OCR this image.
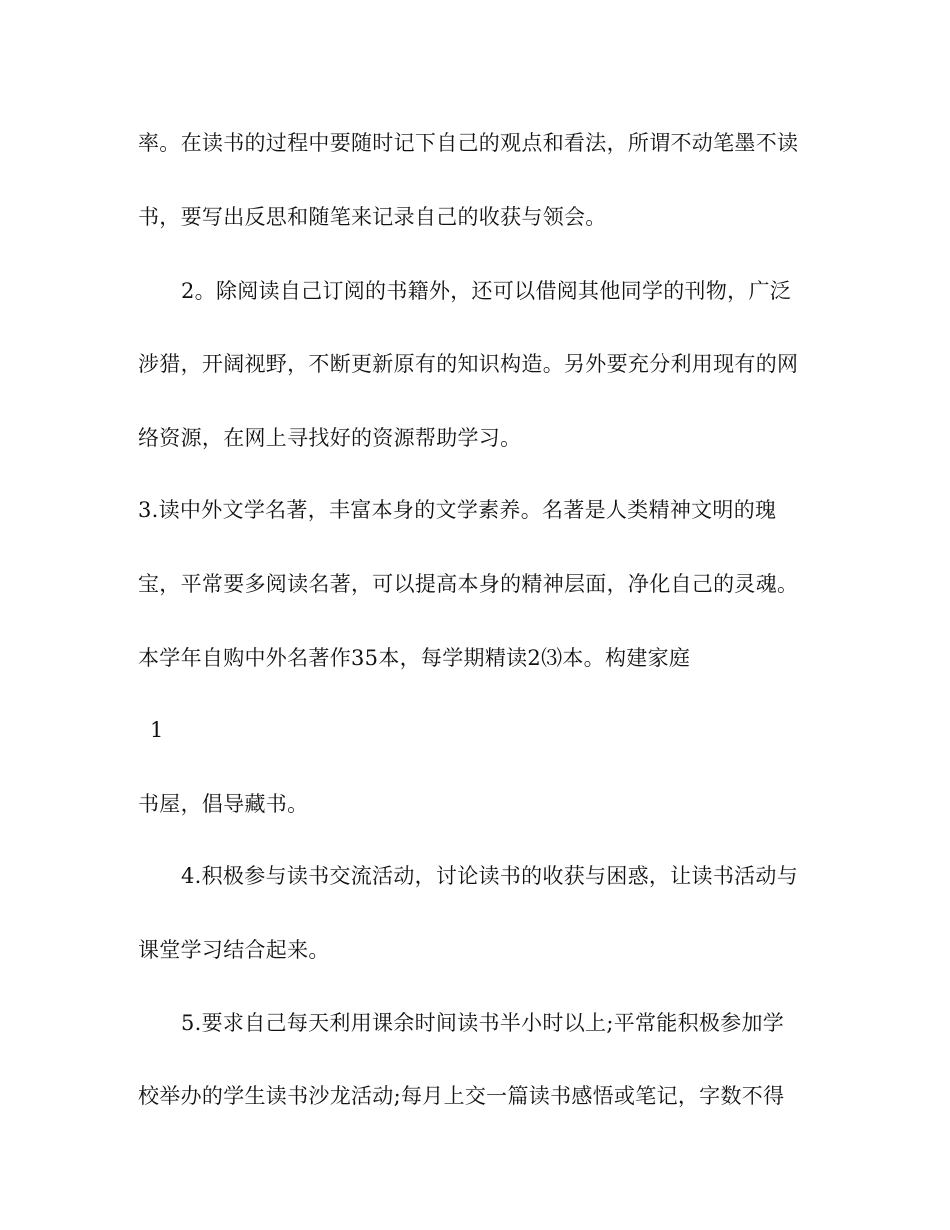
率。在读书的过程中要随时记下自己的观点和看法，所谓不动笔墨不读
书，要写出反思和随笔来记录自己的收获与领会。
2。除阅读自己订阅的书籍外，还可以借阅其他同学的刊物，广泛
涉猎，开阔视野，不断更新原有的知识构造。另外要充分利用现有的网
络资源，在网上寻找好的资源帮助学习。
3.读中外文学名著，丰富本身的文学素养。名著是人类精神文明的瑰
宝，平常要多阅读名著，可以提高本身的精神层面，净化自己的灵魂。
本学年自购中外名著作35本，每学期精读2⑶本。构建家庭
1
书屋，倡导藏书。
4.积极参与读书交流活动，讨论读书的收获与困惑，让读书活动与
课堂学习结合起来。
5.要求自己每天利用课余时间读书半小时以上;平常能积极参加学
校举办的学生读书沙龙活动;每月上交一篇读书感悟或笔记，字数不得
